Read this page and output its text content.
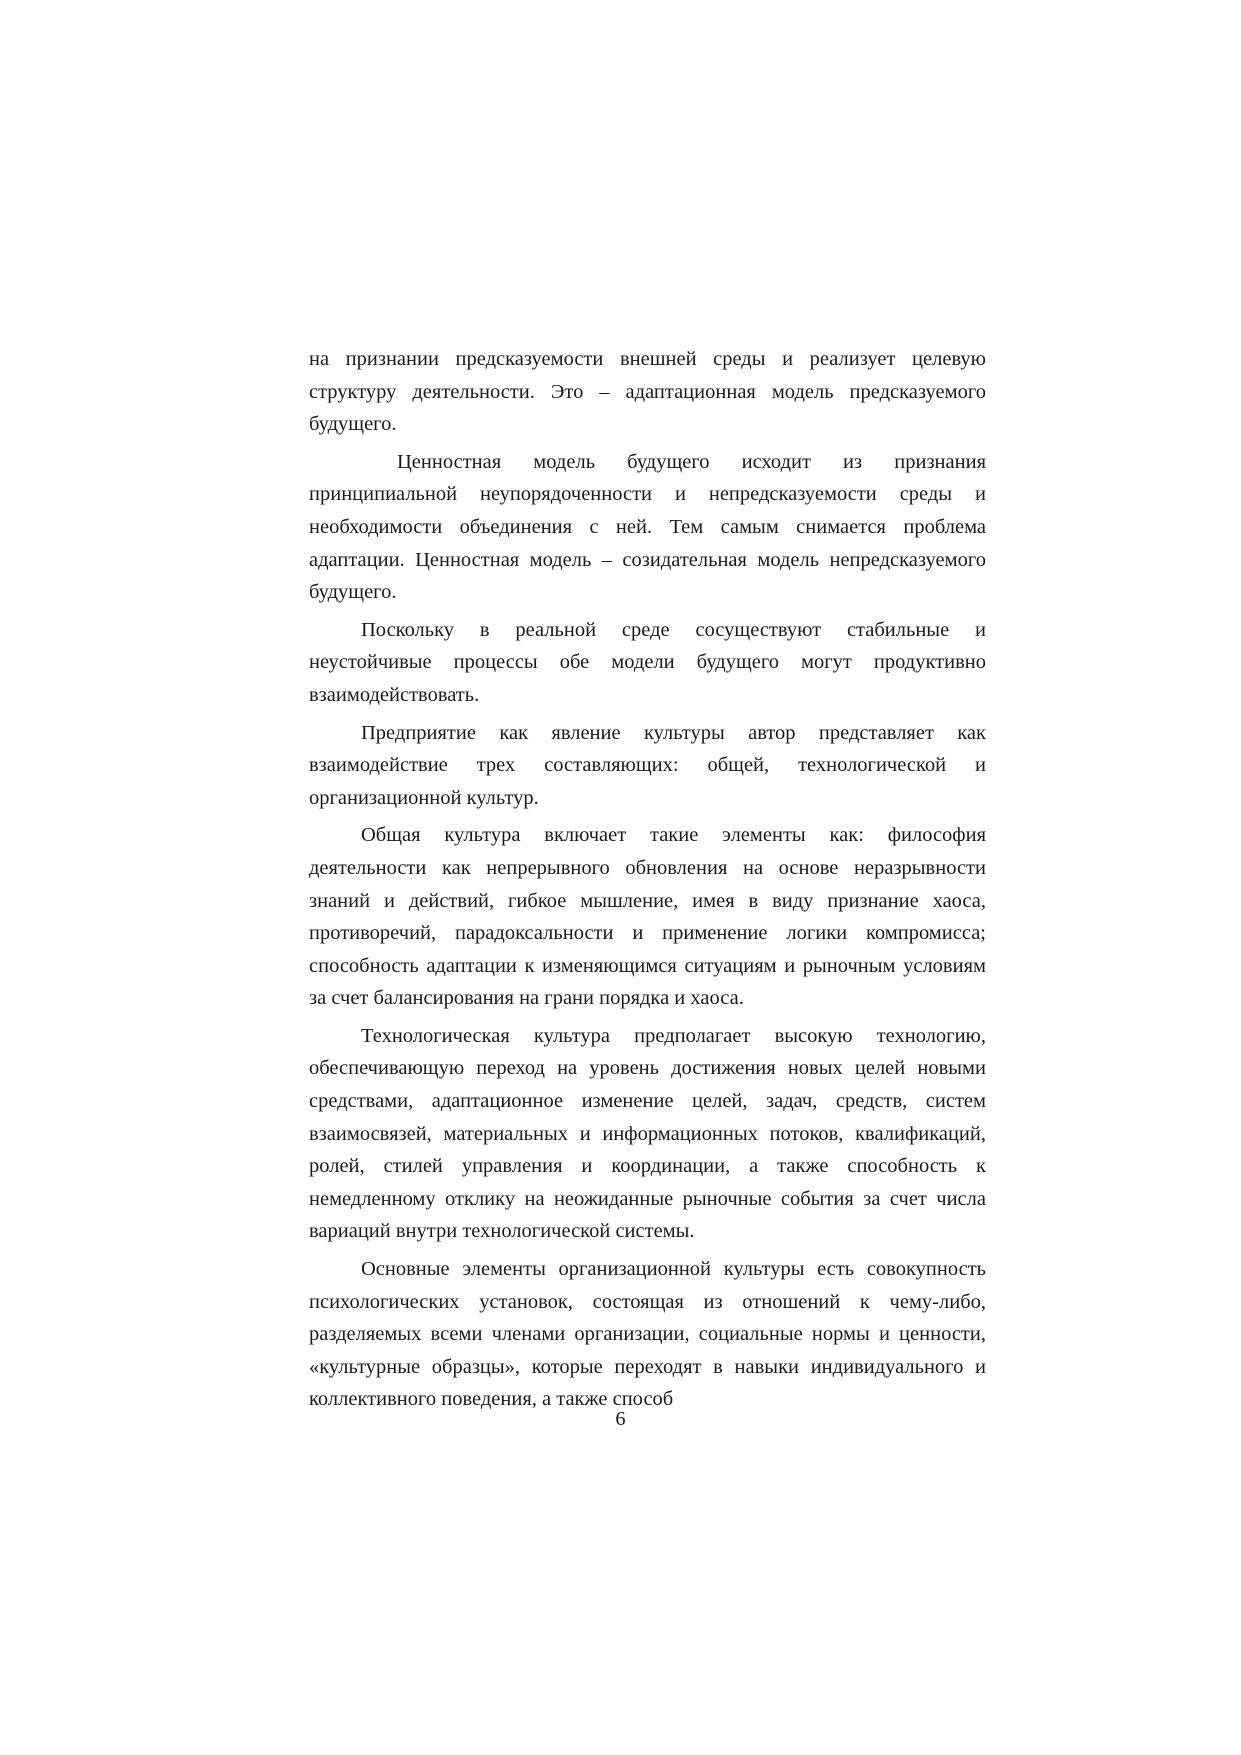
на признании предсказуемости внешней среды и реализует целевую структуру деятельности. Это – адаптационная модель предсказуемого будущего.

Ценностная модель будущего исходит из признания принципиальной неупорядоченности и непредсказуемости среды и необходимости объединения с ней. Тем самым снимается проблема адаптации. Ценностная модель – созидательная модель непредсказуемого будущего.

Поскольку в реальной среде сосуществуют стабильные и неустойчивые процессы обе модели будущего могут продуктивно взаимодействовать.

Предприятие как явление культуры автор представляет как взаимодействие трех составляющих: общей, технологической и организационной культур.

Общая культура включает такие элементы как: философия деятельности как непрерывного обновления на основе неразрывности знаний и действий, гибкое мышление, имея в виду признание хаоса, противоречий, парадоксальности и применение логики компромисса; способность адаптации к изменяющимся ситуациям и рыночным условиям за счет балансирования на грани порядка и хаоса.

Технологическая культура предполагает высокую технологию, обеспечивающую переход на уровень достижения новых целей новыми средствами, адаптационное изменение целей, задач, средств, систем взаимосвязей, материальных и информационных потоков, квалификаций, ролей, стилей управления и координации, а также способность к немедленному отклику на неожиданные рыночные события за счет числа вариаций внутри технологической системы.

Основные элементы организационной культуры есть совокупность психологических установок, состоящая из отношений к чему-либо, разделяемых всеми членами организации, социальные нормы и ценности, «культурные образцы», которые переходят в навыки индивидуального и коллективного поведения, а также способ

6
